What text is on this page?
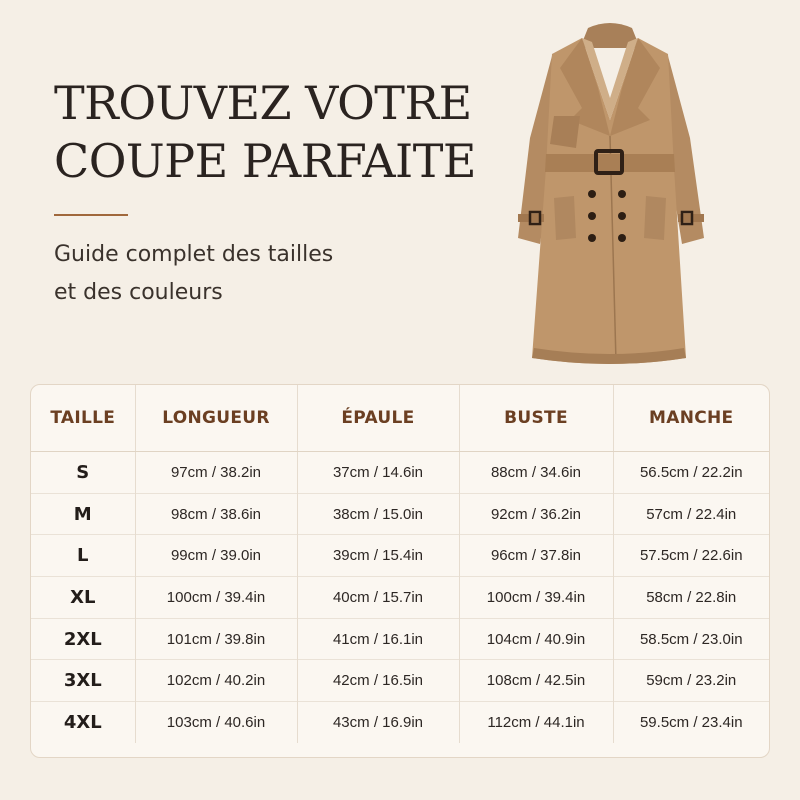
TROUVEZ VOTRE
COUPE PARFAITE
Guide complet des tailles
et des couleurs
TAILLE	LONGUEUR	ÉPAULE	BUSTE	MANCHE
S	97cm / 38.2in	37cm / 14.6in	88cm / 34.6in	56.5cm / 22.2in
M	98cm / 38.6in	38cm / 15.0in	92cm / 36.2in	57cm / 22.4in
L	99cm / 39.0in	39cm / 15.4in	96cm / 37.8in	57.5cm / 22.6in
XL	100cm / 39.4in	40cm / 15.7in	100cm / 39.4in	58cm / 22.8in
2XL	101cm / 39.8in	41cm / 16.1in	104cm / 40.9in	58.5cm / 23.0in
3XL	102cm / 40.2in	42cm / 16.5in	108cm / 42.5in	59cm / 23.2in
4XL	103cm / 40.6in	43cm / 16.9in	112cm / 44.1in	59.5cm / 23.4in
